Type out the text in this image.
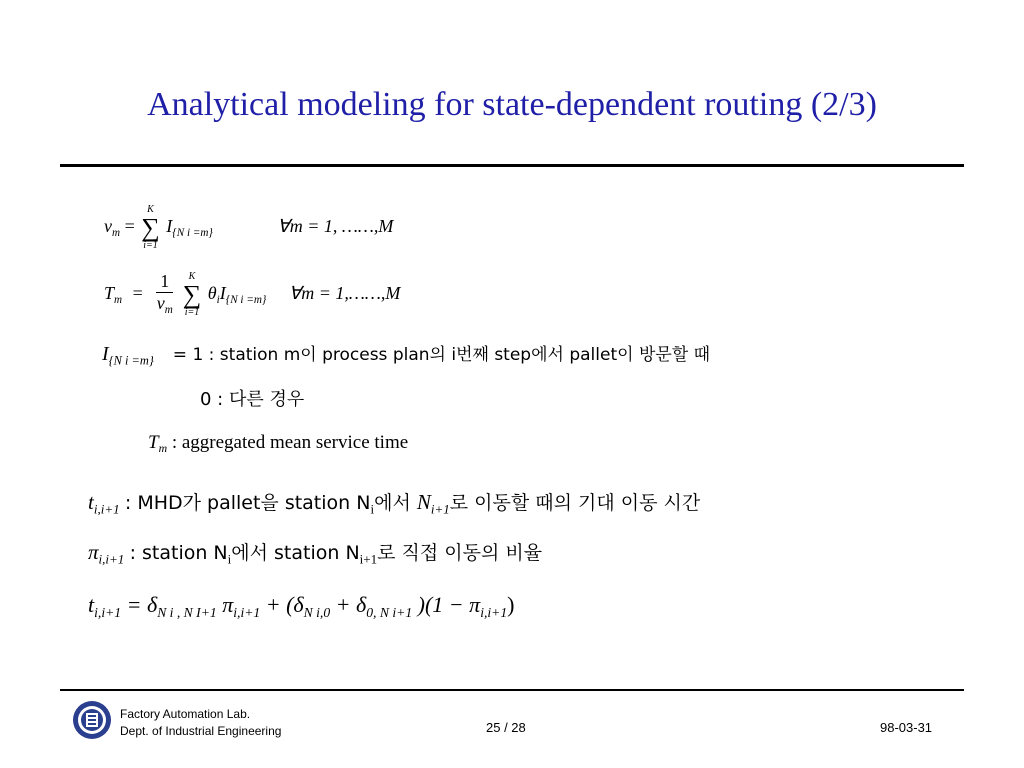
Analytical modeling for state-dependent routing (2/3)
$v_m$ =
K
∑
i=1
$I_{\{N i =m\}}$	∀m = 1, ……,M
$T_m = \frac{1}{v_m}$
	K
∑
i=1
$\theta_iI_{\{N i =m\}}$ ∀m = 1,……,M
$I_{\{N i =m\}} = 1$ : station m이 process plan의 i번째 step에서 pallet이 방문할 때
0 : 다른 경우
$T_m$ : aggregated mean service time
$t_{i,i+1}$ : MHD가 pallet을 station $N_i$에서 $N_{i+1}$로 이동할 때의 기대 이동 시간
$\pi_{i,i+1}$ : station $N_i$에서 station $N_{i+1}$로 직접 이동의 비율
$t_{i,i+1} = \delta_{N i , N I+1}$ $\pi_{i,i+1} + (\delta_{N i,0} + \delta_{0, N i+1}$ )$(1 - \pi_{i,i+1})$
Factory Automation Lab.
Dept. of Industrial Engineering	25 / 28	98-03-31
